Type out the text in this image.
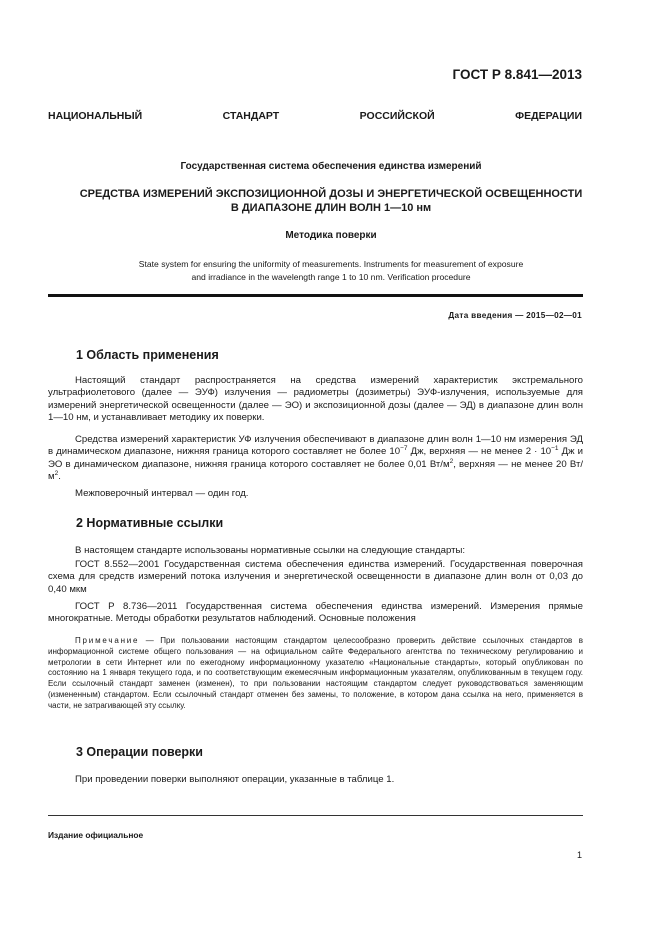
ГОСТ Р 8.841—2013
НАЦИОНАЛЬНЫЙ СТАНДАРТ РОССИЙСКОЙ ФЕДЕРАЦИИ
Государственная система обеспечения единства измерений
СРЕДСТВА ИЗМЕРЕНИЙ ЭКСПОЗИЦИОННОЙ ДОЗЫ И ЭНЕРГЕТИЧЕСКОЙ ОСВЕЩЕННОСТИ
В ДИАПАЗОНЕ ДЛИН ВОЛН 1—10 нм
Методика поверки
State system for ensuring the uniformity of measurements. Instruments for measurement of exposure
and irradiance in the wavelength range 1 to 10 nm. Verification procedure
Дата введения — 2015—02—01
1 Область применения
Настоящий стандарт распространяется на средства измерений характеристик экстремального ультрафиолетового (далее — ЭУФ) излучения — радиометры (дозиметры) ЭУФ-излучения, используемые для измерений энергетической освещенности (далее — ЭО) и экспозиционной дозы (далее — ЭД) в диапазоне длин волн 1—10 нм, и устанавливает методику их поверки.
Средства измерений характеристик УФ излучения обеспечивают в диапазоне длин волн 1—10 нм измерения ЭД в динамическом диапазоне, нижняя граница которого составляет не более $10^{-7}$ Дж, верхняя — не менее $2 \cdot 10^{-1}$ Дж и ЭО в динамическом диапазоне, нижняя граница которого составляет не более 0,01 $Вт/м^2$, верхняя — не менее 20 $Вт/м^2$.
Межповерочный интервал — один год.
2 Нормативные ссылки
В настоящем стандарте использованы нормативные ссылки на следующие стандарты:
ГОСТ 8.552—2001 Государственная система обеспечения единства измерений. Государственная поверочная схема для средств измерений потока излучения и энергетической освещенности в диапазоне длин волн от 0,03 до 0,40 мкм
ГОСТ Р 8.736—2011 Государственная система обеспечения единства измерений. Измерения прямые многократные. Методы обработки результатов наблюдений. Основные положения
Примечание — При пользовании настоящим стандартом целесообразно проверить действие ссылочных стандартов в информационной системе общего пользования — на официальном сайте Федерального агентства по техническому регулированию и метрологии в сети Интернет или по ежегодному информационному указателю «Национальные стандарты», который опубликован по состоянию на 1 января текущего года, и по соответствующим ежемесячным информационным указателям, опубликованным в текущем году. Если ссылочный стандарт заменен (изменен), то при пользовании настоящим стандартом следует руководствоваться заменяющим (измененным) стандартом. Если ссылочный стандарт отменен без замены, то положение, в котором дана ссылка на него, применяется в части, не затрагивающей эту ссылку.
3 Операции поверки
При проведении поверки выполняют операции, указанные в таблице 1.
Издание официальное
1
